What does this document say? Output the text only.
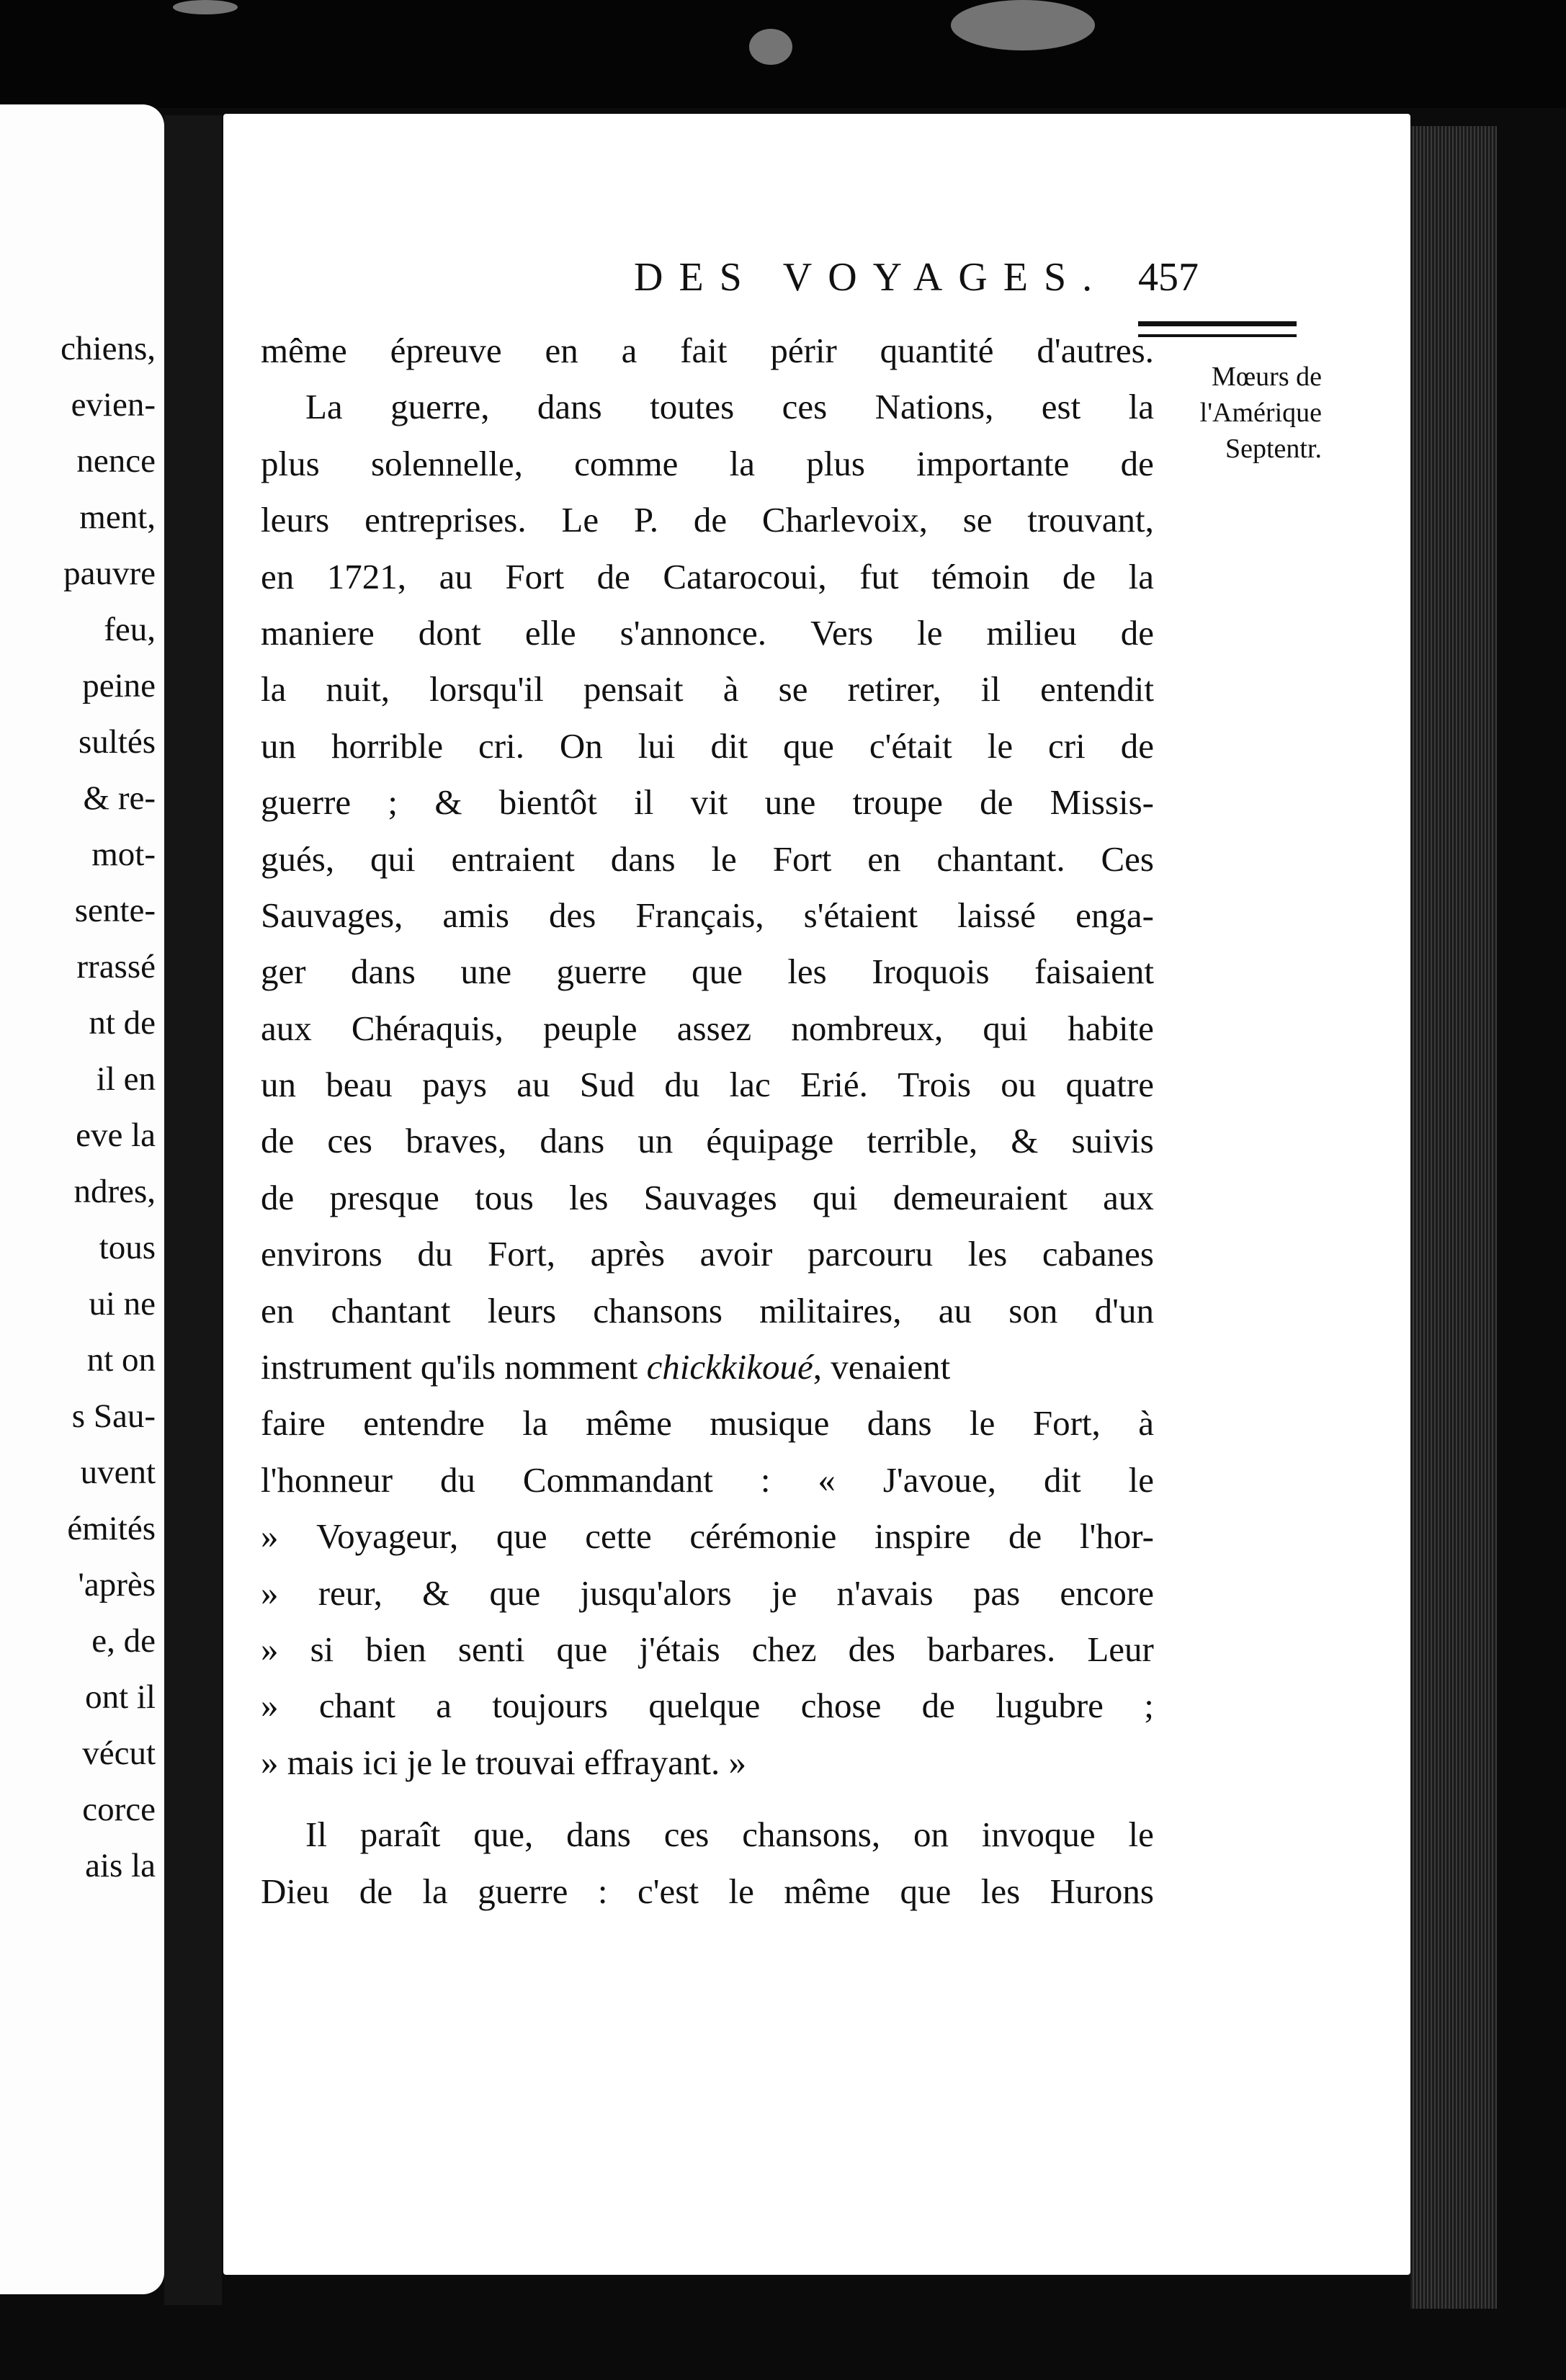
chiens,
evien-
nence
ment,
pauvre
feu,
peine
sultés
& re-
mot-
sente-
rrassé
nt de
il en
eve la
ndres,
tous
ui ne
nt on
s Sau-
uvent
émités
'après
e, de
ont il
vécut
corce
ais la
DES VOYAGES. 457
Mœurs de
l'Amérique
Septentr.
même épreuve en a fait périr quantité d'autres.
La guerre, dans toutes ces Nations, est la
plus solennelle, comme la plus importante de
leurs entreprises. Le P. de Charlevoix, se trouvant,
en 1721, au Fort de Catarocoui, fut témoin de la
maniere dont elle s'annonce. Vers le milieu de
la nuit, lorsqu'il pensait à se retirer, il entendit
un horrible cri. On lui dit que c'était le cri de
guerre ; & bientôt il vit une troupe de Missis-
gués, qui entraient dans le Fort en chantant. Ces
Sauvages, amis des Français, s'étaient laissé enga-
ger dans une guerre que les Iroquois faisaient
aux Chéraquis, peuple assez nombreux, qui habite
un beau pays au Sud du lac Erié. Trois ou quatre
de ces braves, dans un équipage terrible, & suivis
de presque tous les Sauvages qui demeuraient aux
environs du Fort, après avoir parcouru les cabanes
en chantant leurs chansons militaires, au son d'un
instrument qu'ils nomment
chickkikoué , venaient
faire entendre la même musique dans le Fort, à
l'honneur du Commandant : « J'avoue, dit le
» Voyageur, que cette cérémonie inspire de l'hor-
» reur, & que jusqu'alors je n'avais pas encore
» si bien senti que j'étais chez des barbares. Leur
» chant a toujours quelque chose de lugubre ;
» mais ici je le trouvai effrayant. »
Il paraît que, dans ces chansons, on invoque le
Dieu de la guerre : c'est le même que les Hurons
